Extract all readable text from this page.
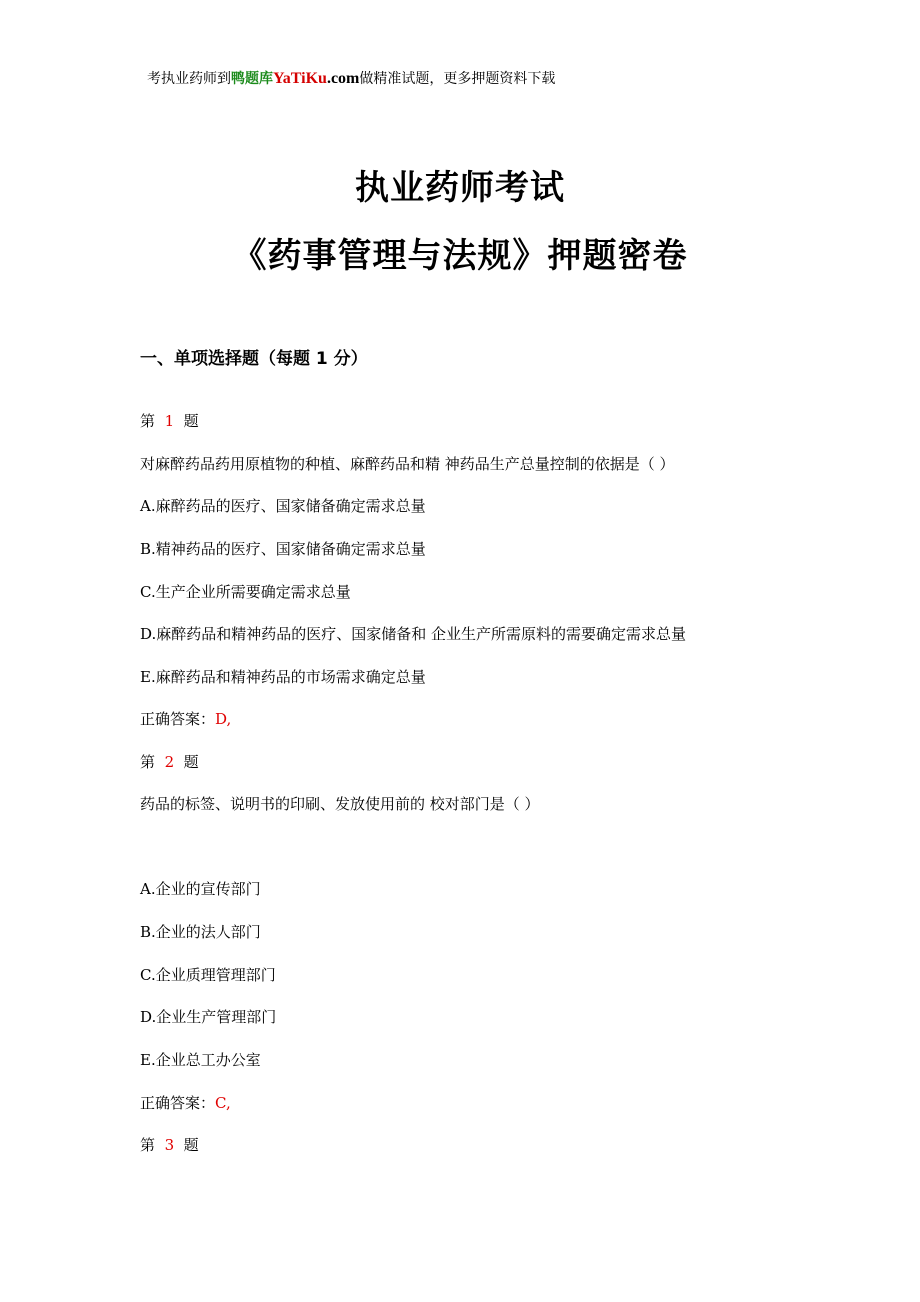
考执业药师到鸭题库YaTiKu.com做精准试题，更多押题资料下载
执业药师考试
《药事管理与法规》押题密卷
一、单项选择题（每题 1 分）
第 1 题
对麻醉药品药用原植物的种植、麻醉药品和精 神药品生产总量控制的依据是（ ）
A.麻醉药品的医疗、国家储备确定需求总量
B.精神药品的医疗、国家储备确定需求总量
C.生产企业所需要确定需求总量
D.麻醉药品和精神药品的医疗、国家储备和 企业生产所需原料的需要确定需求总量
E.麻醉药品和精神药品的市场需求确定总量
正确答案：D,
第 2 题
药品的标签、说明书的印刷、发放使用前的 校对部门是（ ）
A.企业的宣传部门
B.企业的法人部门
C.企业质理管理部门
D.企业生产管理部门
E.企业总工办公室
正确答案：C,
第 3 题
